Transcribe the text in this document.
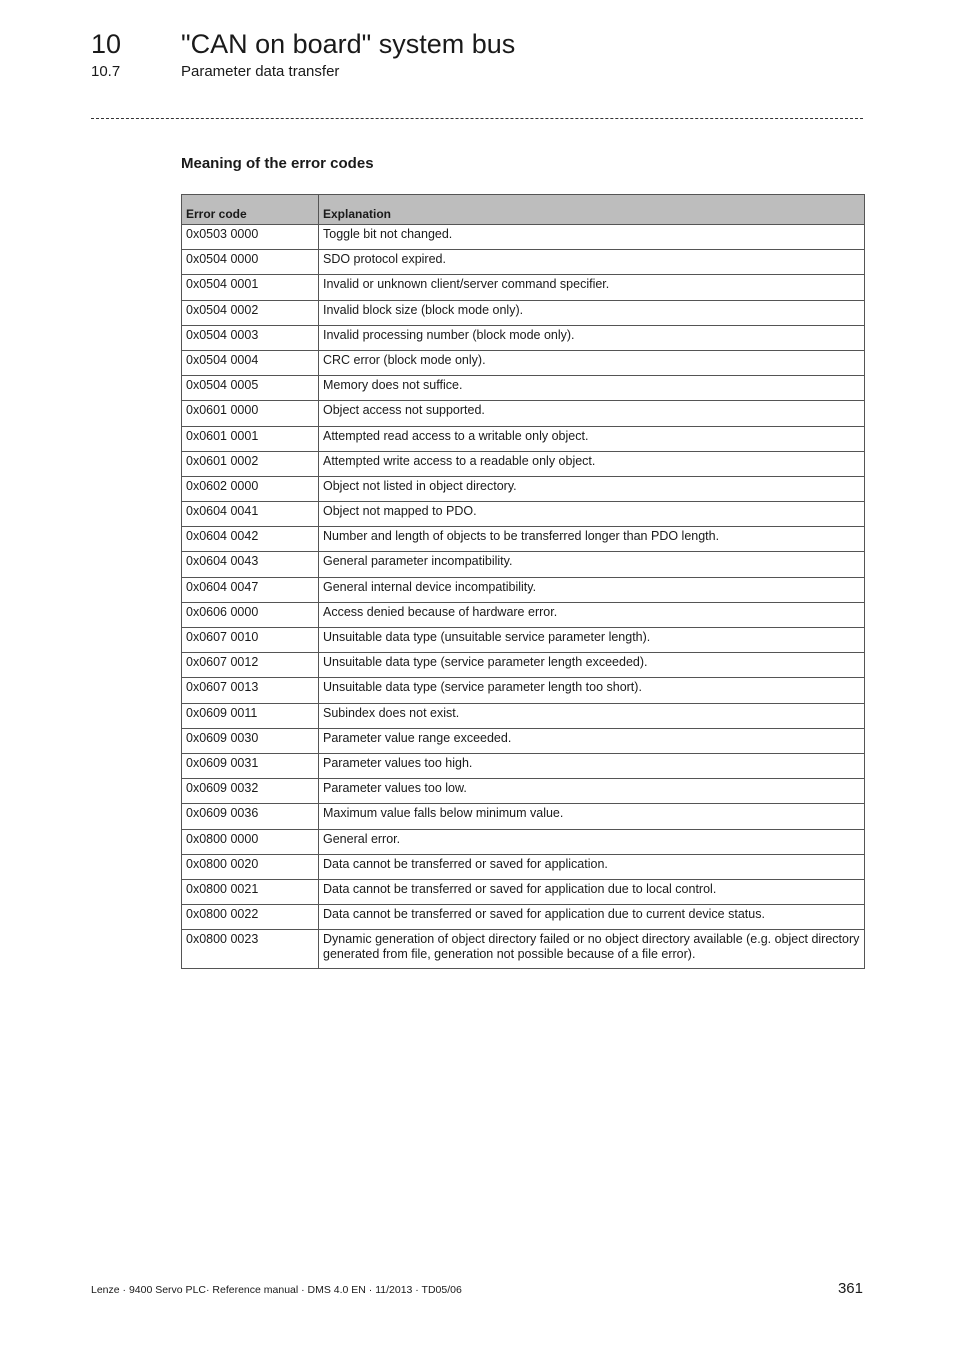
10 "CAN on board" system bus
10.7	Parameter data transfer
Meaning of the error codes
Error code	Explanation
0x0503 0000	Toggle bit not changed.
0x0504 0000	SDO protocol expired.
0x0504 0001	Invalid or unknown client/server command specifier.
0x0504 0002	Invalid block size (block mode only).
0x0504 0003	Invalid processing number (block mode only).
0x0504 0004	CRC error (block mode only).
0x0504 0005	Memory does not suffice.
0x0601 0000	Object access not supported.
0x0601 0001	Attempted read access to a writable only object.
0x0601 0002	Attempted write access to a readable only object.
0x0602 0000	Object not listed in object directory.
0x0604 0041	Object not mapped to PDO.
0x0604 0042	Number and length of objects to be transferred longer than PDO length.
0x0604 0043	General parameter incompatibility.
0x0604 0047	General internal device incompatibility.
0x0606 0000	Access denied because of hardware error.
0x0607 0010	Unsuitable data type (unsuitable service parameter length).
0x0607 0012	Unsuitable data type (service parameter length exceeded).
0x0607 0013	Unsuitable data type (service parameter length too short).
0x0609 0011	Subindex does not exist.
0x0609 0030	Parameter value range exceeded.
0x0609 0031	Parameter values too high.
0x0609 0032	Parameter values too low.
0x0609 0036	Maximum value falls below minimum value.
0x0800 0000	General error.
0x0800 0020	Data cannot be transferred or saved for application.
0x0800 0021	Data cannot be transferred or saved for application due to local control.
0x0800 0022	Data cannot be transferred or saved for application due to current device status.
0x0800 0023	Dynamic generation of object directory failed or no object directory available (e.g. object directory generated from file, generation not possible because of a file error).
Lenze · 9400 Servo PLC· Reference manual · DMS 4.0 EN · 11/2013 · TD05/06	361
